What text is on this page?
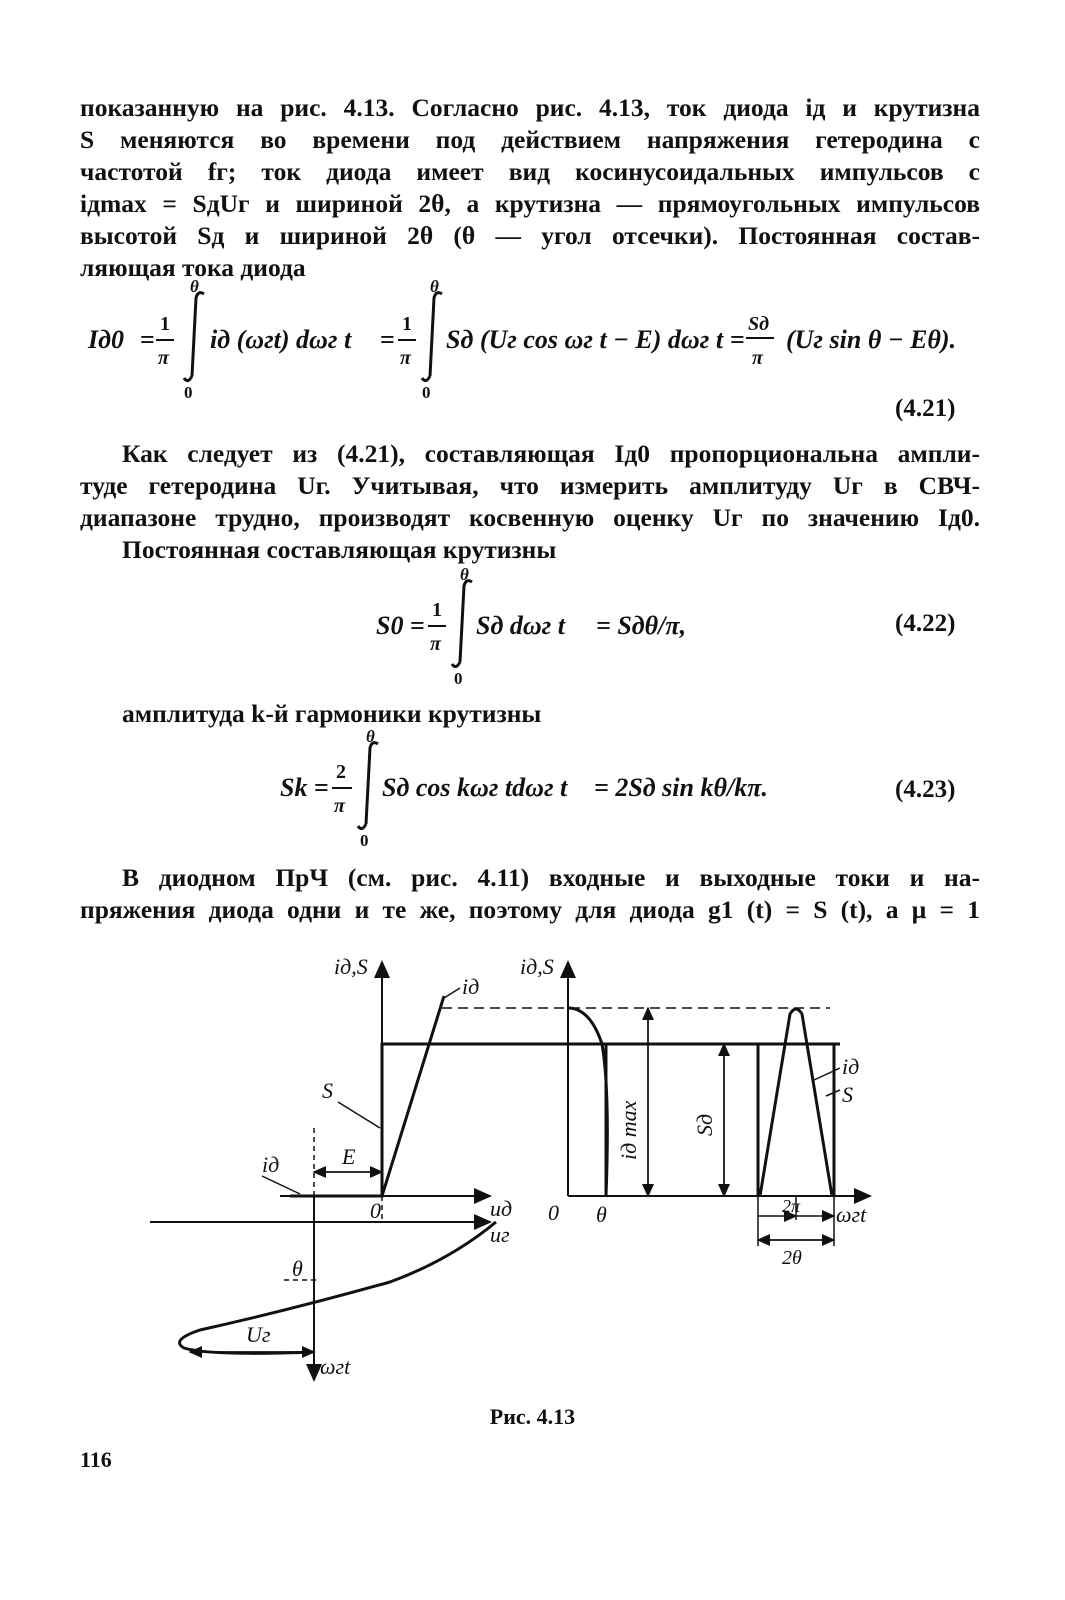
показанную на рис. 4.13. Согласно рис. 4.13, ток диода iд и крутизна
S меняются во времени под действием напряжения гетеродина с
частотой fг; ток диода имеет вид косинусоидальных импульсов с
iдmax = SдUг и шириной 2θ, а крутизна — прямоугольных импульсов
высотой Sд и шириной 2θ (θ — угол отсечки). Постоянная состав-
ляющая тока диода
Iд0 =
1
π
θ
0
iд (ωгt) dωг t =
1
π
θ
0
Sд (Uг cos ωг t − E) dωг t =
Sд
π
(Uг sin θ − Eθ).
(4.21)
Как следует из (4.21), составляющая Iд0 пропорциональна ампли-
туде гетеродина Uг. Учитывая, что измерить амплитуду Uг в СВЧ-
диапазоне трудно, производят косвенную оценку Uг по значению Iд0.
Постоянная составляющая крутизны
S0 =
1
π
θ
0
Sд dωг t = Sдθ/π,	(4.22)
амплитуда k-й гармоники крутизны
Sk =
2
π
θ
0
Sд cos kωг tdωг t = 2Sд sin kθ/kπ.	(4.23)
В диодном ПрЧ (см. рис. 4.11) входные и выходные токи и на-
пряжения диода одни и те же, поэтому для диода g1 (t) = S (t), а μ = 1
iд,S
iд
S
iд	E
0	uд
uг
θ
Uг
ωгt
iд,S
0 θ
iд max Sд
iд
S
2π ωгt
2θ
Рис. 4.13
116
